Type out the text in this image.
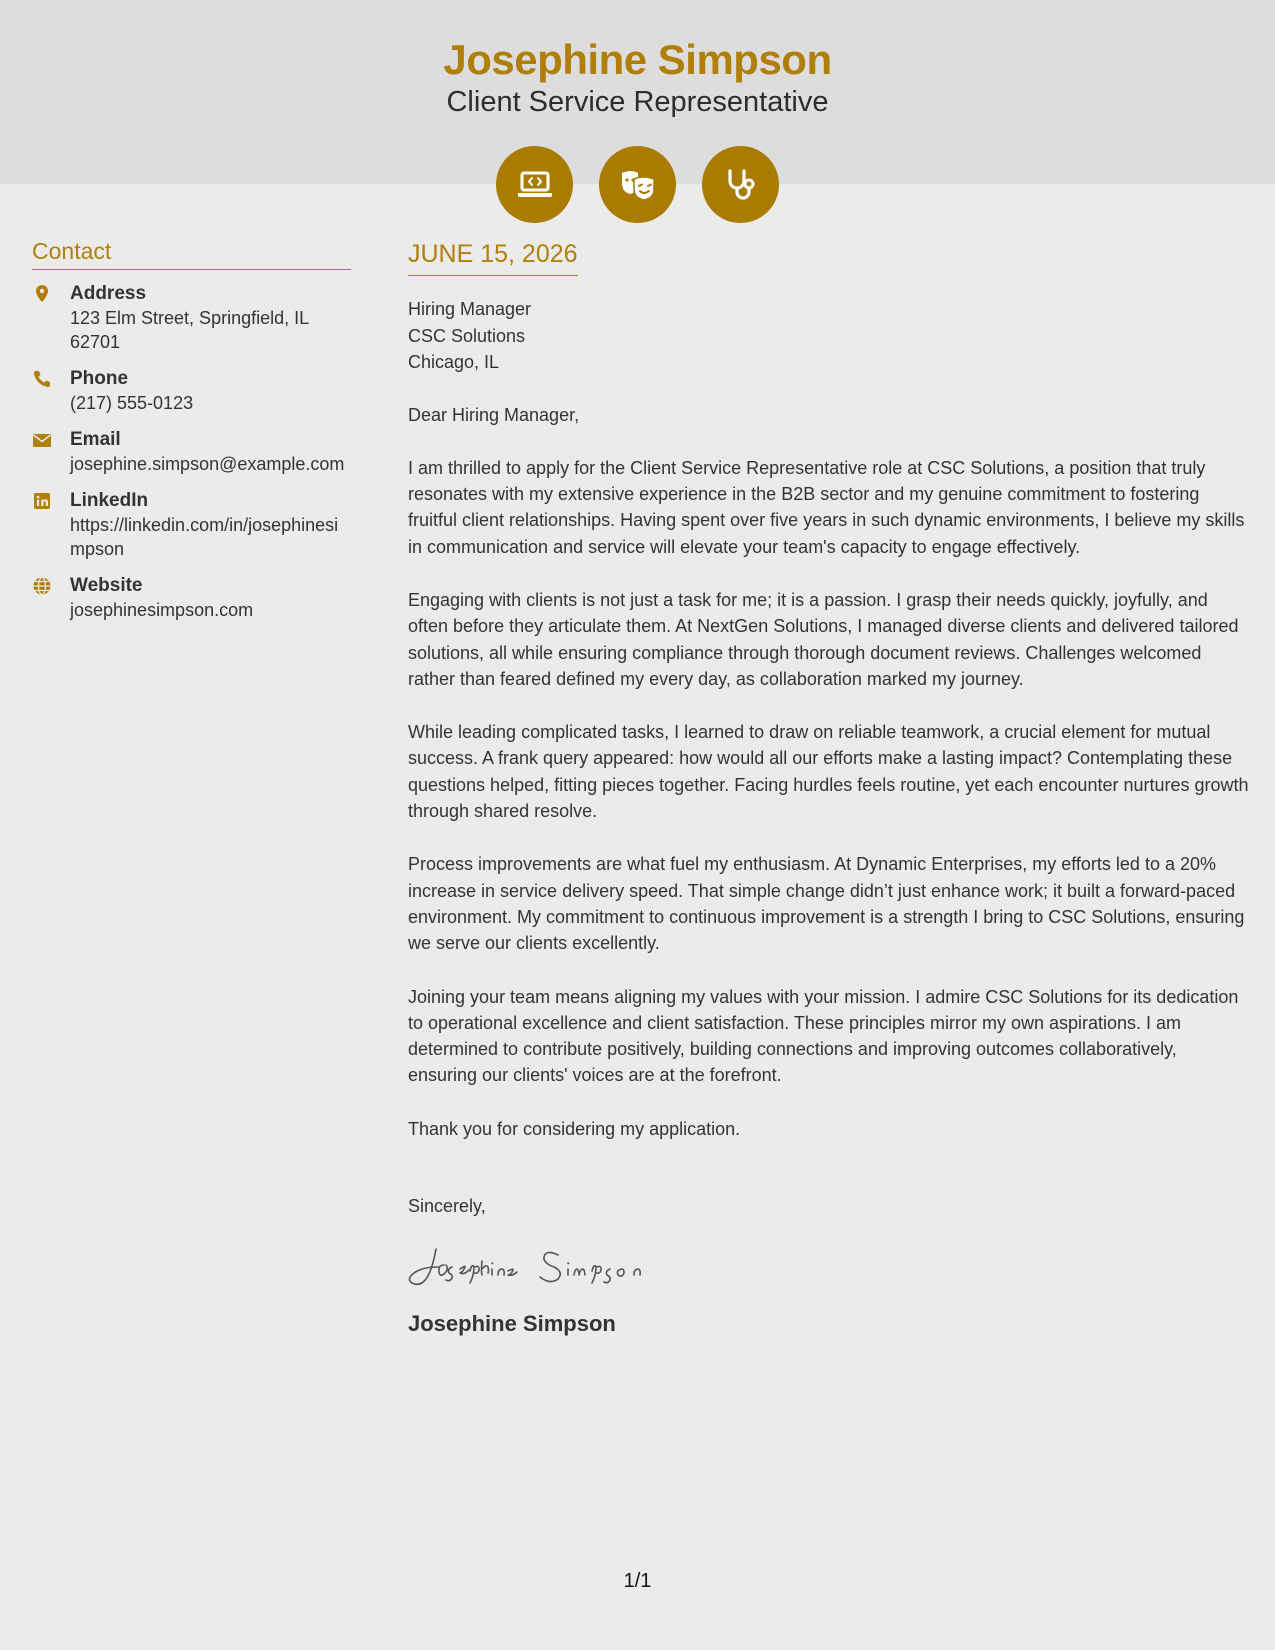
Josephine Simpson
Client Service Representative
Contact
Address
123 Elm Street, Springfield, IL 62701
Phone
(217) 555-0123
Email
josephine.simpson@example.com
LinkedIn
https://linkedin.com/in/josephinesimpson
Website
josephinesimpson.com
JUNE 15, 2026
Hiring Manager
CSC Solutions
Chicago, IL
Dear Hiring Manager,

I am thrilled to apply for the Client Service Representative role at CSC Solutions, a position that truly resonates with my extensive experience in the B2B sector and my genuine commitment to fostering fruitful client relationships. Having spent over five years in such dynamic environments, I believe my skills in communication and service will elevate your team's capacity to engage effectively.

Engaging with clients is not just a task for me; it is a passion. I grasp their needs quickly, joyfully, and often before they articulate them. At NextGen Solutions, I managed diverse clients and delivered tailored solutions, all while ensuring compliance through thorough document reviews. Challenges welcomed rather than feared defined my every day, as collaboration marked my journey.

While leading complicated tasks, I learned to draw on reliable teamwork, a crucial element for mutual success. A frank query appeared: how would all our efforts make a lasting impact? Contemplating these questions helped, fitting pieces together. Facing hurdles feels routine, yet each encounter nurtures growth through shared resolve.

Process improvements are what fuel my enthusiasm. At Dynamic Enterprises, my efforts led to a 20% increase in service delivery speed. That simple change didn’t just enhance work; it built a forward-paced environment. My commitment to continuous improvement is a strength I bring to CSC Solutions, ensuring we serve our clients excellently.

Joining your team means aligning my values with your mission. I admire CSC Solutions for its dedication to operational excellence and client satisfaction. These principles mirror my own aspirations. I am determined to contribute positively, building connections and improving outcomes collaboratively, ensuring our clients' voices are at the forefront.

Thank you for considering my application.

Sincerely,
Josephine Simpson
1/1
